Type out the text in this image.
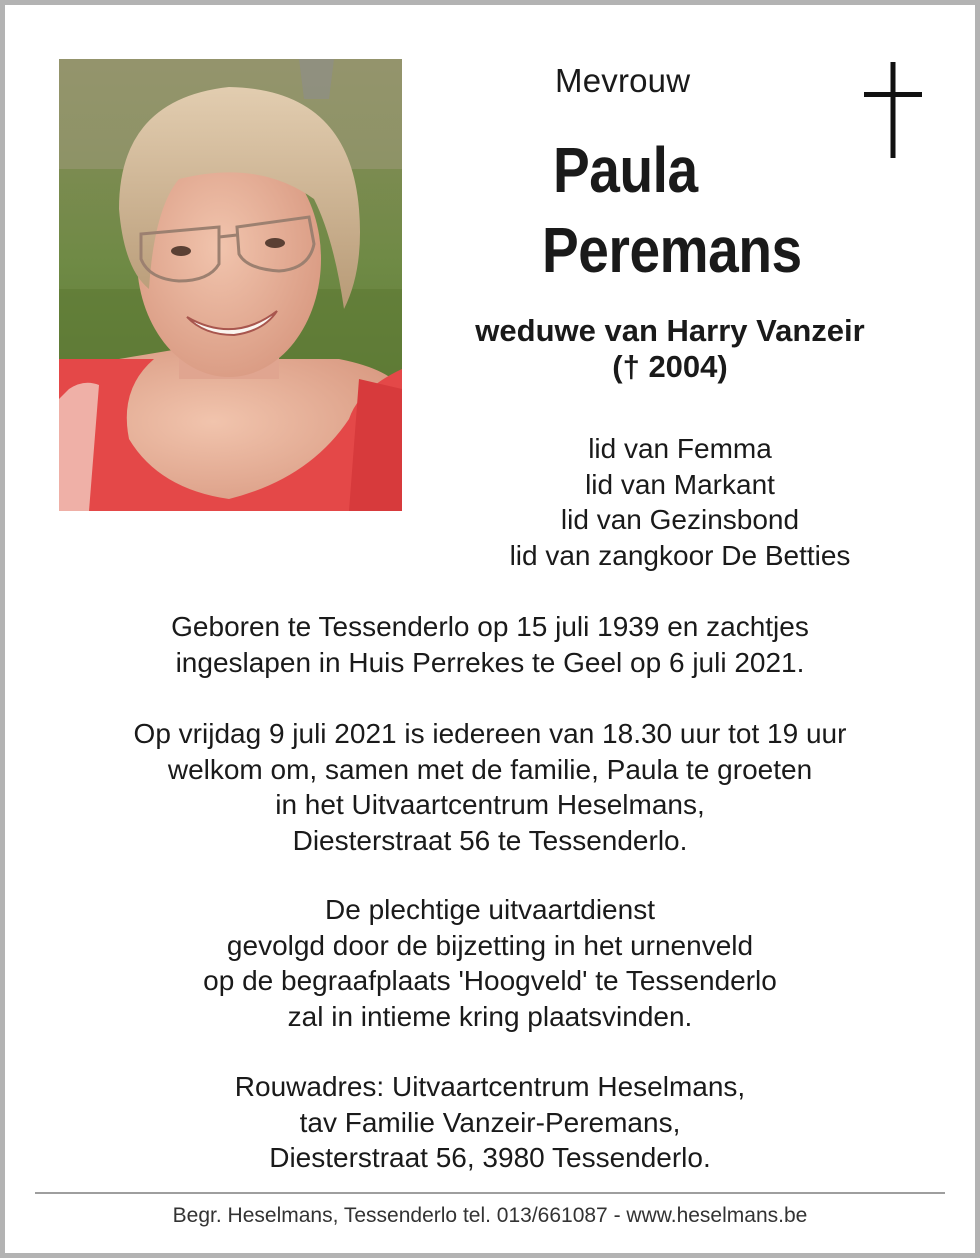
Mevrouw
Paula
Peremans
weduwe van Harry Vanzeir
(† 2004)
lid van Femma
lid van Markant
lid van Gezinsbond
lid van zangkoor De Betties
Geboren te Tessenderlo op 15 juli 1939 en zachtjes
ingeslapen in Huis Perrekes te Geel op 6 juli 2021.
Op vrijdag 9 juli 2021 is iedereen van 18.30 uur tot 19 uur
welkom om, samen met de familie, Paula te groeten
in het Uitvaartcentrum Heselmans,
Diesterstraat 56 te Tessenderlo.
De plechtige uitvaartdienst
gevolgd door de bijzetting in het urnenveld
op de begraafplaats 'Hoogveld' te Tessenderlo
zal in intieme kring plaatsvinden.
Rouwadres: Uitvaartcentrum Heselmans,
tav Familie Vanzeir-Peremans,
Diesterstraat 56, 3980 Tessenderlo.
Begr. Heselmans, Tessenderlo tel. 013/661087 - www.heselmans.be
